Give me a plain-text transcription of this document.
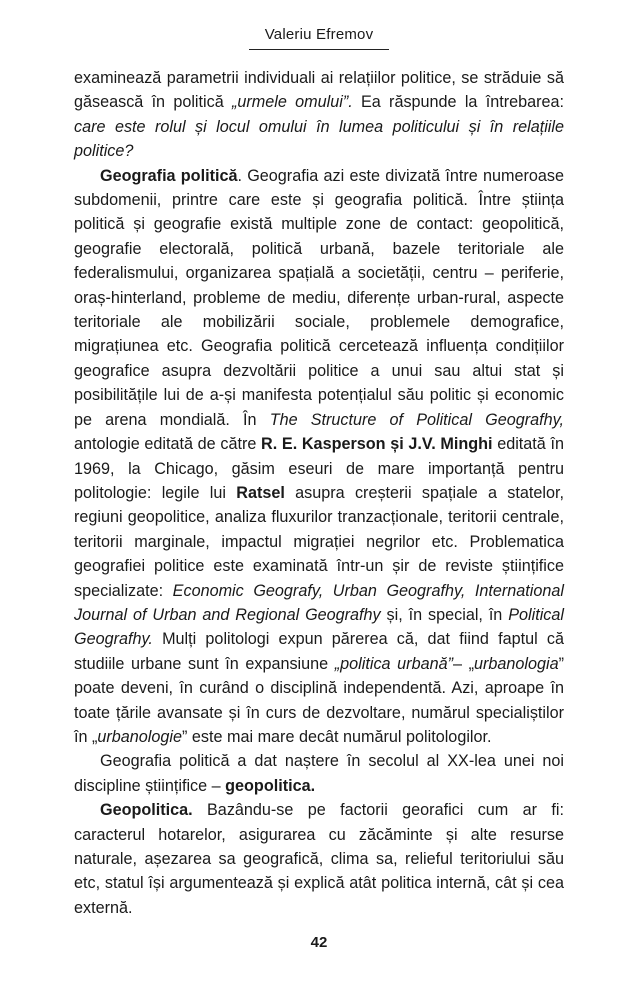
Valeriu Efremov

examinează parametrii individuali ai relațiilor politice, se străduie să găsească în politică „urmele omului”. Ea răspunde la întrebarea: care este rolul și locul omului în lumea politicului și în relațiile politice?

Geografia politică. Geografia azi este divizată între numeroase subdomenii, printre care este și geografia politică. Între știința politică și geografie există multiple zone de contact: geopolitică, geografie electorală, politică urbană, bazele teritoriale ale federalismului, organizarea spațială a societății, centru – periferie, oraș-hinterland, probleme de mediu, diferențe urban-rural, aspecte teritoriale ale mobilizării sociale, problemele demografice, migrațiunea etc. Geografia politică cercetează influența condițiilor geografice asupra dezvoltării politice a unui sau altui stat și posibilitățile lui de a-și manifesta potențialul său politic și economic pe arena mondială. În The Structure of Political Geografhy, antologie editată de către R. E. Kasperson și J.V. Minghi editată în 1969, la Chicago, găsim eseuri de mare importanță pentru politologie: legile lui Ratsel asupra creșterii spațiale a statelor, regiuni geopolitice, analiza fluxurilor tranzacționale, teritorii centrale, teritorii marginale, impactul migrației negrilor etc. Problematica geografiei politice este examinată într-un șir de reviste științifice specializate: Economic Geografy, Urban Geografhy, International Journal of Urban and Regional Geografhy și, în special, în Political Geografhy. Mulți politologi expun părerea că, dat fiind faptul că studiile urbane sunt în expansiune „politica urbană”– „urbanologia” poate deveni, în curând o disciplină independentă. Azi, aproape în toate țările avansate și în curs de dezvoltare, numărul specialiștilor în „urbanologie” este mai mare decât numărul politologilor.

Geografia politică a dat naștere în secolul al XX-lea unei noi discipline științifice – geopolitica.

Geopolitica. Bazându-se pe factorii georafici cum ar fi: caracterul hotarelor, asigurarea cu zăcăminte și alte resurse naturale, așezarea sa geografică, clima sa, relieful teritoriului său etc, statul își argumentează și explică atât politica internă, cât și cea externă.

42
